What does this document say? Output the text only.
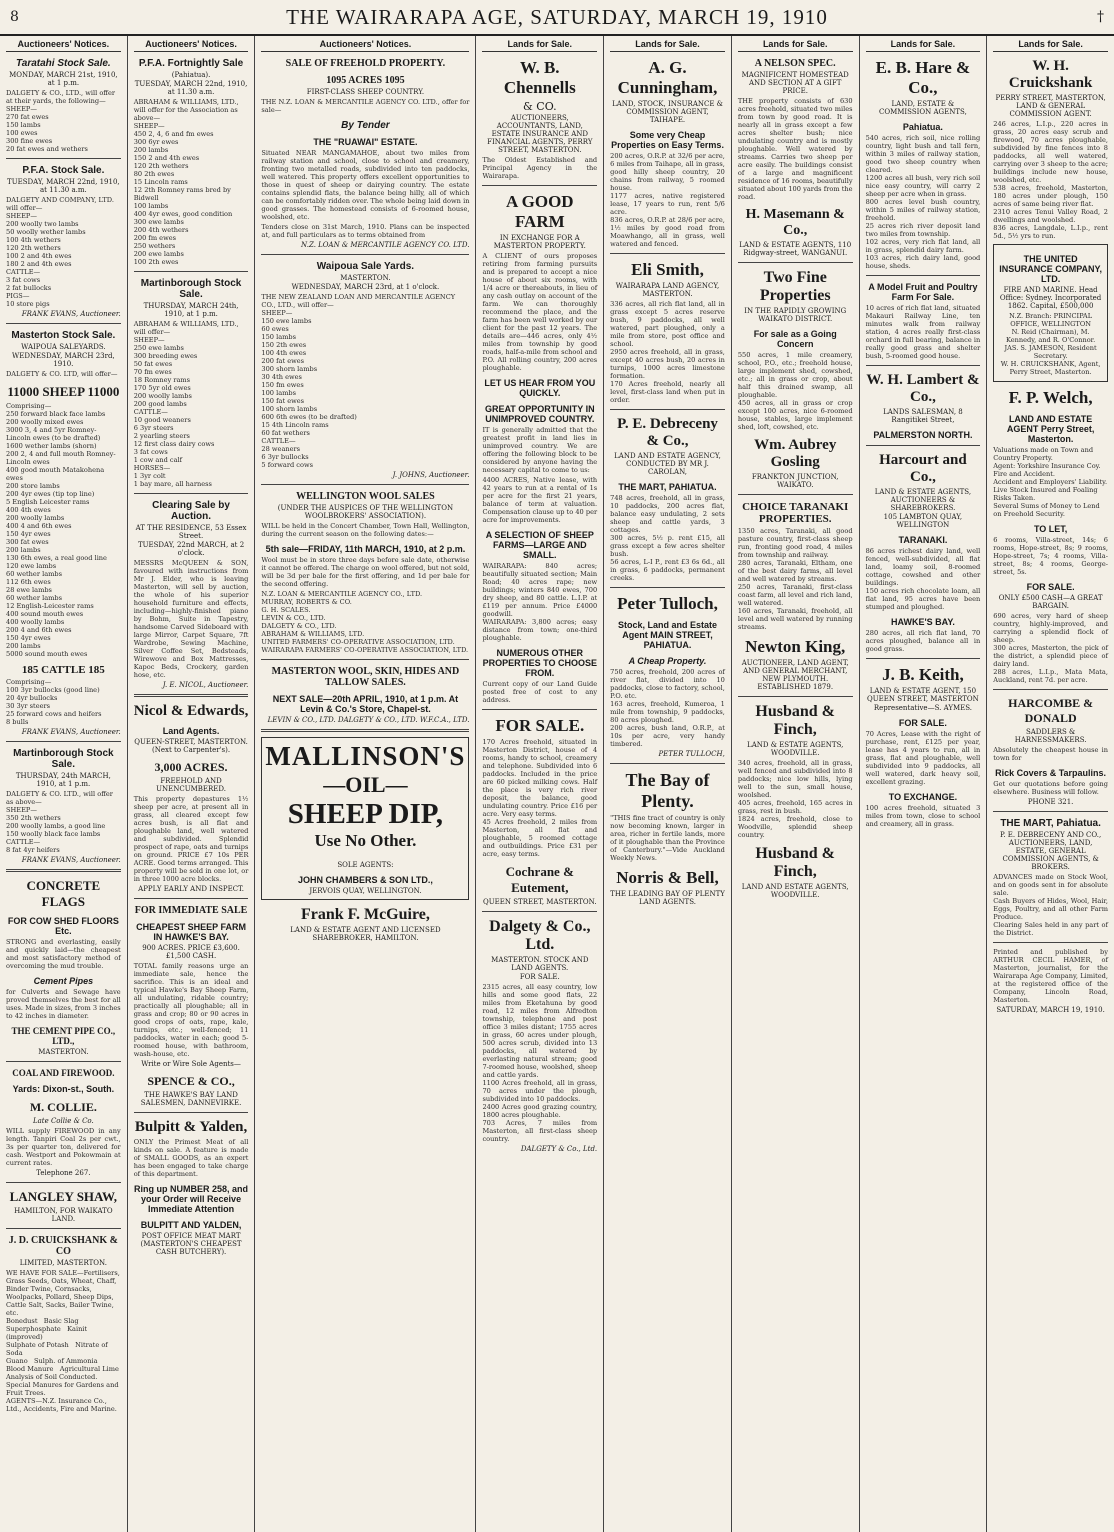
8	THE WAIRARAPA AGE, SATURDAY, MARCH 19, 1910	†
Auctioneers' Notices.
Taratahi Stock Sale.
MONDAY, MARCH 21st, 1910, at 1 p.m.
DALGETY & CO., LTD., will offer at their yards, the following—
SHEEP—
270 fat ewes
150 lambs
100 ewes
300 fine ewes
20 fat ewes and wethers
P.F.A. Stock Sale.
TUESDAY, MARCH 22nd, 1910, at 11.30 a.m.
DALGETY AND COMPANY, LTD. will offer—
SHEEP—
200 woolly two lambs
50 woolly wether lambs
100 4th wethers
120 2th wethers
100 2 and 4th ewes
180 2 and 4th ewes
CATTLE—
3 fat cows
2 fat bullocks
PIGS—
10 store pigs
FRANK EVANS, Auctioneer.
Masterton Stock Sale.
WAIPOUA SALEYARDS.
WEDNESDAY, MARCH 23rd, 1910.
DALGETY & CO. LTD, will offer—
11000 SHEEP 11000
Comprising—
250 forward black face lambs
200 woolly mixed ewes
3000 3, 4 and 5yr Romney-Lincoln ewes (to be drafted)
1600 wether lambs (shorn)
200 2, 4 and full mouth Romney-Lincoln ewes
400 good mouth Matakohena ewes
200 store lambs
200 4yr ewes (tip top line)
5 English Leicester rams
400 4th ewes
200 woolly lambs
400 4 and 6th ewes
150 4yr ewes
300 fat ewes
200 lambs
130 6th ewes, a real good line
120 ewe lambs
60 wether lambs
112 6th ewes
28 ewe lambs
60 wether lambs
12 English-Leicester rams
400 sound mouth ewes
400 woolly lambs
200 4 and 6th ewes
150 4yr ewes
200 lambs
5000 sound mouth ewes
185 CATTLE 185
Comprising—
100 3yr bullocks (good line)
20 4yr bullocks
30 3yr steers
25 forward cows and heifers
8 bulls
FRANK EVANS, Auctioneer.
Martinborough Stock Sale.
THURSDAY, 24th MARCH, 1910, at 1 p.m.
DALGETY & CO. LTD., will offer as above—
SHEEP—
350 2th wethers
200 woolly lambs, a good line
150 woolly black face lambs
CATTLE—
8 fat 4yr heifers
FRANK EVANS, Auctioneer.
CONCRETE FLAGS
FOR COW SHED FLOORS Etc.
STRONG and everlasting, easily and quickly laid—the cheapest and most satisfactory method of overcoming the mud trouble.
Cement Pipes
for Culverts and Sewage have proved themselves the best for all uses. Made in sizes, from 3 inches to 42 inches in diameter.
THE CEMENT PIPE CO., LTD.,
MASTERTON.
COAL AND FIREWOOD.
Yards: Dixon-st., South.
M. COLLIE.
Late Collie & Co.
WILL supply FIREWOOD in any length. Tanpiri Coal 2s per cwt., 3s per quarter ton, delivered for cash. Westport and Pokowmain at current rates.
Telephone 267.
LANGLEY SHAW,
HAMILTON, FOR WAIKATO LAND.
J. D. CRUICKSHANK & CO
LIMITED, MASTERTON.
WE HAVE FOR SALE—Fertilisers, Grass Seeds, Oats, Wheat, Chaff, Binder Twine, Cornsacks, Woolpacks, Pollard, Sheep Dips, Cattle Salt, Sacks, Bailer Twine, etc.
Bonedust   Basic Slag
Superphosphate   Kainit (improved)
Sulphate of Potash   Nitrate of Soda
Guano   Sulph. of Ammonia
Blood Manure   Agricultural Lime
Analysis of Soil Conducted.
Special Manures for Gardens and Fruit Trees.
AGENTS—N.Z. Insurance Co., Ltd., Accidents, Fire and Marine.
Auctioneers' Notices.
P.F.A. Fortnightly Sale
(Pahiatua).
TUESDAY, MARCH 22nd, 1910, at 11.30 a.m.
ABRAHAM & WILLIAMS, LTD., will offer for the Association as above—
SHEEP—
450 2, 4, 6 and fm ewes
300 6yr ewes
200 lambs
150 2 and 4th ewes
120 2th wethers
80 2th ewes
15 Lincoln rams
12 2th Romney rams bred by Bidwell
100 lambs
400 4yr ewes, good condition
300 ewe lambs
200 4th wethers
200 fm ewes
250 wethers
200 ewe lambs
100 2th ewes
Martinborough Stock Sale.
THURSDAY, MARCH 24th, 1910, at 1 p.m.
ABRAHAM & WILLIAMS, LTD., will offer—
SHEEP—
250 ewe lambs
300 breeding ewes
50 fat ewes
70 fm ewes
18 Romney rams
170 5yr old ewes
200 woolly lambs
200 good lambs
CATTLE—
10 good weaners
6 3yr steers
2 yearling steers
12 first class dairy cows
3 fat cows
1 cow and calf
HORSES—
1 3yr colt
1 bay mare, all harness
Clearing Sale by Auction.
AT THE RESIDENCE, 53 Essex Street.
TUESDAY, 22nd MARCH, at 2 o'clock.
MESSRS McQUEEN & SON, favoured with instructions from Mr J. Elder, who is leaving Masterton, will sell by auction, the whole of his superior household furniture and effects, including—highly-finished piano by Bohm, Suite in Tapestry, handsome Carved Sideboard with large Mirror, Carpet Square, 7ft Wardrobe, Sewing Machine, Silver Coffee Set, Bedsteads, Wirewove and Box Mattresses, Kapoc Beds, Crockery, garden hose, etc.
J. E. NICOL, Auctioneer.
Nicol & Edwards,
Land Agents.
QUEEN-STREET, MASTERTON. (Next to Carpenter's).
3,000 ACRES.
FREEHOLD AND UNENCUMBERED.
This property depastures 1½ sheep per acre, at present all in grass, all cleared except few acres bush, is all flat and ploughable land, well watered and subdivided. Splendid prospect of rape, oats and turnips on ground. PRICE £7 10s PER ACRE. Good terms arranged. This property will be sold in one lot, or in three 1000 acre blocks.
APPLY EARLY AND INSPECT.
FOR IMMEDIATE SALE
CHEAPEST SHEEP FARM IN HAWKE'S BAY.
900 ACRES. PRICE £3,600. £1,500 CASH.
TOTAL family reasons urge an immediate sale, hence the sacrifice. This is an ideal and typical Hawke's Bay Sheep Farm, all undulating, ridable country; practically all ploughable; all in grass and crop; 80 or 90 acres in good crops of oats, rape, kale, turnips, etc.; well-fenced; 11 paddocks, water in each; good 5-roomed house, with bathroom, wash-house, etc.
Write or Wire Sole Agents—
SPENCE & CO.,
THE HAWKE'S BAY LAND SALESMEN, DANNEVIRKE.
Bulpitt & Yalden,
ONLY the Primest Meat of all kinds on sale. A feature is made of SMALL GOODS, as an expert has been engaged to take charge of this department.
Ring up NUMBER 258, and your Order will Receive Immediate Attention
BULPITT AND YALDEN,
POST OFFICE MEAT MART (MASTERTON'S CHEAPEST CASH BUTCHERY).
Auctioneers' Notices.
SALE OF FREEHOLD PROPERTY.
1095 ACRES 1095
FIRST-CLASS SHEEP COUNTRY.
THE N.Z. LOAN & MERCANTILE AGENCY CO. LTD., offer for sale—
By Tender
THE "RUAWAI" ESTATE.
Situated NEAR MANGAMAHOE, about two miles from railway station and school, close to school and creamery, fronting two metalled roads, subdivided into ten paddocks, well watered. This property offers excellent opportunities to those in quest of sheep or dairying country. The estate contains splendid flats, the balance being hilly, all of which can be comfortably ridden over. The whole being laid down in good grasses. The homestead consists of 6-roomed house, woolshed, etc.
Tenders close on 31st March, 1910. Plans can be inspected at, and full particulars as to terms obtained from
N.Z. LOAN & MERCANTILE AGENCY CO. LTD.
Waipoua Sale Yards.
MASTERTON.
WEDNESDAY, MARCH 23rd, at 1 o'clock.
THE NEW ZEALAND LOAN AND MERCANTILE AGENCY CO., LTD., will offer—
SHEEP—
150 ewe lambs
60 ewes
150 lambs
150 2th ewes
100 4th ewes
200 fat ewes
300 shorn lambs
30 4th ewes
150 fm ewes
100 lambs
150 fat ewes
100 shorn lambs
600 6th ewes (to be drafted)
15 4th Lincoln rams
60 fat wethers
CATTLE—
28 weaners
6 3yr bullocks
5 forward cows
J. JOHNS, Auctioneer.
WELLINGTON WOOL SALES
(UNDER THE AUSPICES OF THE WELLINGTON WOOLBROKERS' ASSOCIATION).
WILL be held in the Concert Chamber, Town Hall, Wellington, during the current season on the following dates:—
5th sale—FRIDAY, 11th MARCH, 1910, at 2 p.m.
Wool must be in store three days before sale date, otherwise it cannot be offered. The charge on wool offered, but not sold, will be 3d per bale for the first offering, and 1d per bale for the second offering.
N.Z. LOAN & MERCANTILE AGENCY CO., LTD.
MURRAY, ROBERTS & CO.
G. H. SCALES.
LEVIN & CO., LTD.
DALGETY & CO., LTD.
ABRAHAM & WILLIAMS, LTD.
UNITED FARMERS' CO-OPERATIVE ASSOCIATION, LTD.
WAIRARAPA FARMERS' CO-OPERATIVE ASSOCIATION, LTD.
MASTERTON WOOL, SKIN, HIDES AND TALLOW SALES.
NEXT SALE—20th APRIL, 1910, at 1 p.m. At Levin & Co.'s Store, Chapel-st.
LEVIN & CO., LTD. DALGETY & CO., LTD. W.F.C.A., LTD.
MALLINSON'S
—OIL—
SHEEP DIP,
Use No Other.
SOLE AGENTS:
JOHN CHAMBERS & SON LTD.,
JERVOIS QUAY, WELLINGTON.
Frank F. McGuire,
LAND & ESTATE AGENT AND LICENSED SHAREBROKER, HAMILTON.
Lands for Sale.
W. B. Chennells
& CO.
AUCTIONEERS, ACCOUNTANTS, LAND, ESTATE INSURANCE AND FINANCIAL AGENTS, PERRY STREET, MASTERTON.
The Oldest Established and Principal Agency in the Wairarapa.
A GOOD FARM
IN EXCHANGE FOR A MASTERTON PROPERTY.
A CLIENT of ours proposes retiring from farming pursuits and is prepared to accept a nice house of about six rooms, with 1/4 acre or thereabouts, in lieu of any cash outlay on account of the farm. We can thoroughly recommend the place, and the farm has been well worked by our client for the past 12 years. The details are—446 acres, only 4½ miles from township by good roads, half-a-mile from school and P.O. All rolling country, 200 acres ploughable.
LET US HEAR FROM YOU QUICKLY.
GREAT OPPORTUNITY IN UNIMPROVED COUNTRY.
IT is generally admitted that the greatest profit in land lies in unimproved country. We are offering the following block to be considered by anyone having the necessary capital to come to us:
4400 ACRES, Native lease, with 42 years to run at a rental of 1s per acre for the first 21 years, balance of term at valuation. Compensation clause up to 40 per acre for improvements.
A SELECTION OF SHEEP FARMS—LARGE AND SMALL.
WAIRARAPA: 840 acres; beautifully situated section; Main Road; 40 acres rape; new buildings; winters 840 ewes, 700 dry sheep, and 80 cattle. L.I.P. at £119 per annum. Price £4000 goodwill.
WAIRARAPA: 3,800 acres; easy distance from town; one-third ploughable.
NUMEROUS OTHER PROPERTIES TO CHOOSE FROM.
Current copy of our Land Guide posted free of cost to any address.
FOR SALE.
170 Acres freehold, situated in Masterton District, house of 4 rooms, handy to school, creamery and telephone. Subdivided into 6 paddocks. Included in the price are 60 picked milking cows. Half the place is very rich river deposit, the balance, good undulating country. Price £16 per acre. Very easy terms.
45 Acres freehold, 2 miles from Masterton, all flat and ploughable, 5 roomed cottage and outbuildings. Price £31 per acre, easy terms.
Cochrane & Eutement,
QUEEN STREET, MASTERTON.
Dalgety & Co., Ltd.
MASTERTON. STOCK AND LAND AGENTS.
FOR SALE.
2315 acres, all easy country, low hills and some good flats, 22 miles from Eketahuna by good road, 12 miles from Alfredton township, telephone and post office 3 miles distant; 1755 acres in grass, 60 acres under plough, 500 acres scrub, divided into 13 paddocks, all watered by everlasting natural stream; good 7-roomed house, woolshed, sheep and cattle yards.
1100 Acres freehold, all in grass, 70 acres under the plough, subdivided into 10 paddocks.
2400 Acres good grazing country, 1800 acres ploughable.
703 Acres, 7 miles from Masterton, all first-class sheep country.
DALGETY & Co., Ltd.
Lands for Sale.
A. G. Cunningham,
LAND, STOCK, INSURANCE & COMMISSION AGENT, TAIHAPE.
Some very Cheap Properties on Easy Terms.
200 acres, O.R.P. at 32/6 per acre, 6 miles from Taihape, all in grass, good hilly sheep country, 20 chains from railway, 5 roomed house.
1177 acres, native registered lease, 17 years to run, rent 5/6 acre.
836 acres, O.R.P. at 28/6 per acre, 1½ miles by good road from Moawhango, all in grass, well watered and fenced.
Eli Smith,
WAIRARAPA LAND AGENCY, MASTERTON.
336 acres, all rich flat land, all in grass except 5 acres reserve bush, 9 paddocks, all well watered, part ploughed, only a mile from store, post office and school.
2950 acres freehold, all in grass, except 40 acres bush, 20 acres in turnips, 1000 acres limestone formation.
170 Acres freehold, nearly all level, first-class land when put in order.
P. E. Debreceny & Co.,
LAND AND ESTATE AGENCY, CONDUCTED BY MR J. CAROLAN,
THE MART, PAHIATUA.
748 acres, freehold, all in grass, 10 paddocks, 200 acres flat, balance easy undulating, 2 sets sheep and cattle yards, 3 cottages.
300 acres, 5½ p. rent £15, all grass except a few acres shelter bush.
56 acres, L-I P., rent £3 6s 6d., all in grass, 6 paddocks, permanent creeks.
Peter Tulloch,
Stock, Land and Estate Agent MAIN STREET, PAHIATUA.
A Cheap Property.
750 acres, freehold, 200 acres of river flat, divided into 10 paddocks, close to factory, school, P.O. etc.
163 acres, freehold, Kumeroa, 1 mile from township, 9 paddocks, 80 acres ploughed.
200 acres, bush land, O.R.P., at 10s per acre, very handy timbered.
PETER TULLOCH,
The Bay of Plenty.
"THIS fine tract of country is only now becoming known, larger in area, richer in fertile lands, more of it ploughable than the Province of Canterbury."—Vide Auckland Weekly News.
Norris & Bell,
THE LEADING BAY OF PLENTY LAND AGENTS.
Lands for Sale.
A NELSON SPEC.
MAGNIFICENT HOMESTEAD AND SECTION AT A GIFT PRICE.
THE property consists of 630 acres freehold, situated two miles from town by good road. It is nearly all in grass except a few acres shelter bush; nice undulating country and is mostly ploughable. Well watered by streams. Carries two sheep per acre easily. The buildings consist of a large and magnificent residence of 16 rooms, beautifully situated about 100 yards from the road.
H. Masemann & Co.,
LAND & ESTATE AGENTS, 110 Ridgway-street, WANGANUI.
Two Fine Properties
IN THE RAPIDLY GROWING WAIKATO DISTRICT.
For sale as a Going Concern
550 acres, 1 mile creamery, school, P.O., etc.; freehold house, large implement shed, cowshed, etc.; all in grass or crop, about half this drained swamp, all ploughable.
450 acres, all in grass or crop except 100 acres, nice 6-roomed house, stables, large implement shed, loft, cowshed, etc.
Wm. Aubrey Gosling
FRANKTON JUNCTION, WAIKATO.
CHOICE TARANAKI PROPERTIES.
1350 acres, Taranaki, all good pasture country, first-class sheep run, fronting good road, 4 miles from township and railway.
280 acres, Taranaki, Eltham, one of the best dairy farms, all level and well watered by streams.
250 acres, Taranaki, first-class coast farm, all level and rich land, well watered.
160 acres, Taranaki, freehold, all level and well watered by running streams.
Newton King,
AUCTIONEER, LAND AGENT, AND GENERAL MERCHANT, NEW PLYMOUTH. ESTABLISHED 1879.
Husband & Finch,
LAND & ESTATE AGENTS, WOODVILLE.
340 acres, freehold, all in grass, well fenced and subdivided into 8 paddocks; nice low hills, lying well to the sun, small house, woolshed.
405 acres, freehold, 165 acres in grass, rest in bush.
1824 acres, freehold, close to Woodville, splendid sheep country.
Husband & Finch,
LAND AND ESTATE AGENTS, WOODVILLE.
Lands for Sale.
E. B. Hare & Co.,
LAND, ESTATE & COMMISSION AGENTS,
Pahiatua.
540 acres, rich soil, nice rolling country, light bush and tall fern, within 3 miles of railway station, good two sheep country when cleared.
1200 acres all bush, very rich soil nice easy country, will carry 2 sheep per acre when in grass.
800 acres level bush country, within 5 miles of railway station, freehold.
25 acres rich river deposit land two miles from township.
102 acres, very rich flat land, all in grass, splendid dairy farm.
103 acres, rich dairy land, good house, sheds.
A Model Fruit and Poultry Farm For Sale.
10 acres of rich flat land, situated Makauri Railway Line, ten minutes walk from railway station, 4 acres really first-class orchard in full bearing, balance in really good grass and shelter bush, 5-roomed good house.
W. H. Lambert & Co.,
LANDS SALESMAN, 8 Rangitikei Street,
PALMERSTON NORTH.
Harcourt and Co.,
LAND & ESTATE AGENTS, AUCTIONEERS & SHAREBROKERS.
105 LAMBTON QUAY, WELLINGTON
TARANAKI.
86 acres richest dairy land, well fenced, well-subdivided, all flat land, loamy soil, 8-roomed cottage, cowshed and other buildings.
150 acres rich chocolate loam, all flat land, 95 acres have been stumped and ploughed.
HAWKE'S BAY.
280 acres, all rich flat land, 70 acres ploughed, balance all in good grass.
J. B. Keith,
LAND & ESTATE AGENT, 150 QUEEN STREET, MASTERTON
Representative—S. AYMES.
FOR SALE.
70 Acres, Lease with the right of purchase, rent, £125 per year, lease has 4 years to run, all in grass, flat and ploughable, well subdivided into 9 paddocks, all well watered, dark heavy soil, excellent grazing.
TO EXCHANGE.
100 acres freehold, situated 3 miles from town, close to school and creamery, all in grass.
Lands for Sale.
W. H. Cruickshank
PERRY STREET, MASTERTON, LAND & GENERAL COMMISSION AGENT.
246 acres, L.I.p., 220 acres in grass, 20 acres easy scrub and firewood, 70 acres ploughable, subdivided by fine fences into 8 paddocks, all well watered, carrying over 3 sheep to the acre; buildings include new house, woolshed, etc.
538 acres, freehold, Masterton, 180 acres under plough, 150 acres of same being river flat.
2310 acres Tenui Valley Road, 2 dwellings and woolshed.
836 acres, Langdale, L.I.p., rent 5d., 5½ yrs to run.
THE UNITED INSURANCE COMPANY, LTD.
FIRE AND MARINE. Head Office: Sydney. Incorporated 1862. Capital, £500,000
N.Z. Branch: PRINCIPAL OFFICE, WELLINGTON
N. Reid (Chairman), M. Kennedy, and R. O'Connor.
JAS. S. JAMESON, Resident Secretary.
W. H. CRUICKSHANK, Agent, Perry Street, Masterton.
F. P. Welch,
LAND AND ESTATE AGENT Perry Street, Masterton.
Valuations made on Town and Country Property.
Agent: Yorkshire Insurance Coy. Fire and Accident.
Accident and Employers' Liability.
Live Stock Insured and Foaling Risks Taken.
Several Sums of Money to Lend on Freehold Security.
TO LET,
6 rooms, Villa-street, 14s; 6 rooms, Hope-street, 8s; 9 rooms, Hope-street, 7s; 4 rooms, Villa-street, 8s; 4 rooms, George-street, 5s.
FOR SALE.
ONLY £500 CASH—A GREAT BARGAIN.
690 acres, very hard of sheep country, highly-improved, and carrying a splendid flock of sheep.
300 acres, Masterton, the pick of the district, a splendid piece of dairy land.
288 acres, L.I.p., Mata Mata, Auckland, rent 7d. per acre.
HARCOMBE & DONALD
SADDLERS & HARNESSMAKERS.
Absolutely the cheapest house in town for
Rick Covers & Tarpaulins.
Get our quotations before going elsewhere. Business will follow.
PHONE 321.
THE MART, Pahiatua.
P. E. DEBRECENY AND CO., AUCTIONEERS, LAND, ESTATE, GENERAL COMMISSION AGENTS, & BROKERS.
ADVANCES made on Stock Wool, and on goods sent in for absolute sale.
Cash Buyers of Hides, Wool, Hair, Eggs, Poultry, and all other Farm Produce.
Clearing Sales held in any part of the District.
Printed and published by ARTHUR CECIL HAMER, of Masterton, journalist, for the Wairarapa Age Company, Limited, at the registered office of the Company, Lincoln Road, Masterton.
SATURDAY, MARCH 19, 1910.
